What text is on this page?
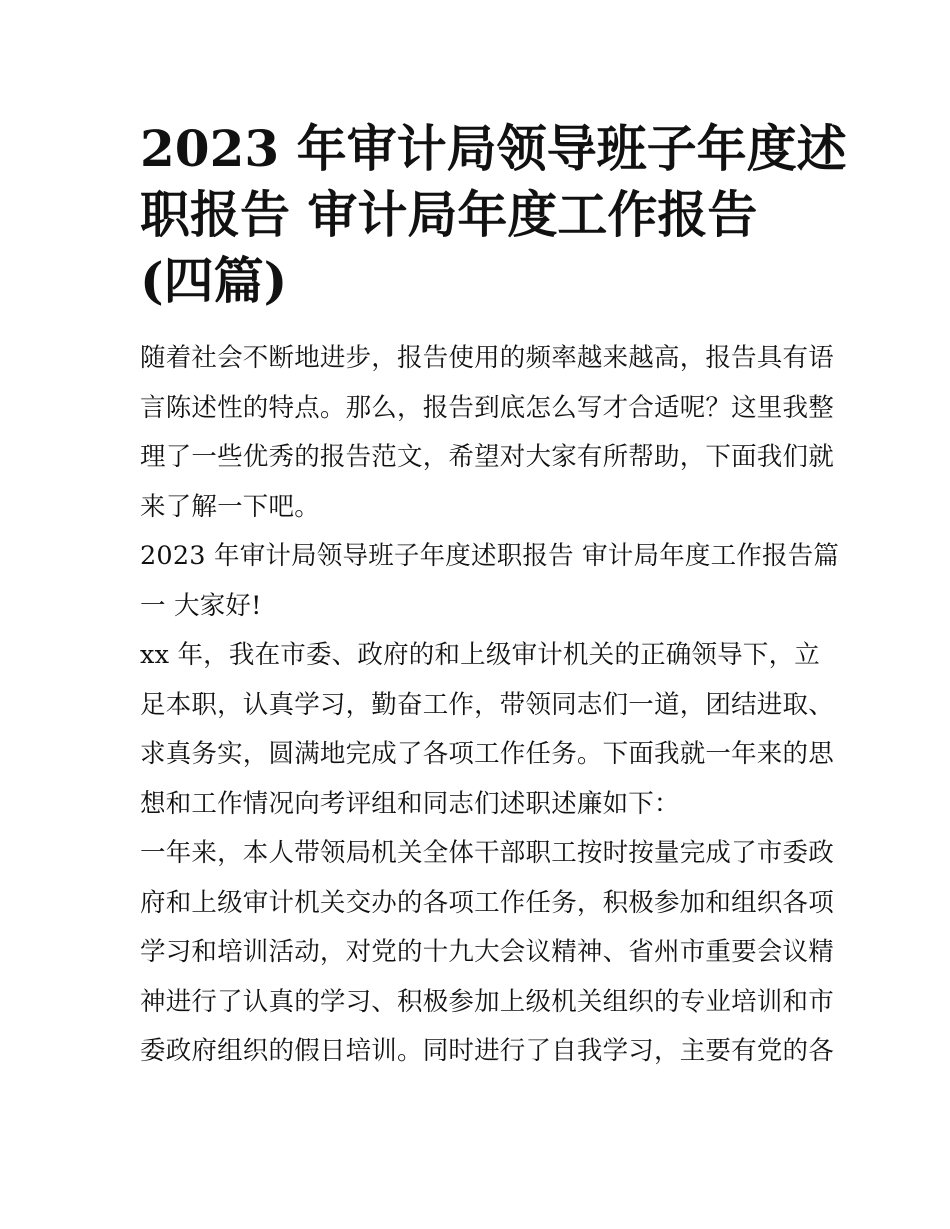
2023 年审计局领导班子年度述
职报告 审计局年度工作报告
(四篇)
随着社会不断地进步，报告使用的频率越来越高，报告具有语
言陈述性的特点。那么，报告到底怎么写才合适呢？这里我整
理了一些优秀的报告范文，希望对大家有所帮助，下面我们就
来了解一下吧。
2023 年审计局领导班子年度述职报告 审计局年度工作报告篇
一 大家好!
xx 年，我在市委、政府的和上级审计机关的正确领导下，立
足本职，认真学习，勤奋工作，带领同志们一道，团结进取、
求真务实，圆满地完成了各项工作任务。下面我就一年来的思
想和工作情况向考评组和同志们述职述廉如下：
一年来，本人带领局机关全体干部职工按时按量完成了市委政
府和上级审计机关交办的各项工作任务，积极参加和组织各项
学习和培训活动，对党的十九大会议精神、省州市重要会议精
神进行了认真的学习、积极参加上级机关组织的专业培训和市
委政府组织的假日培训。同时进行了自我学习，主要有党的各
